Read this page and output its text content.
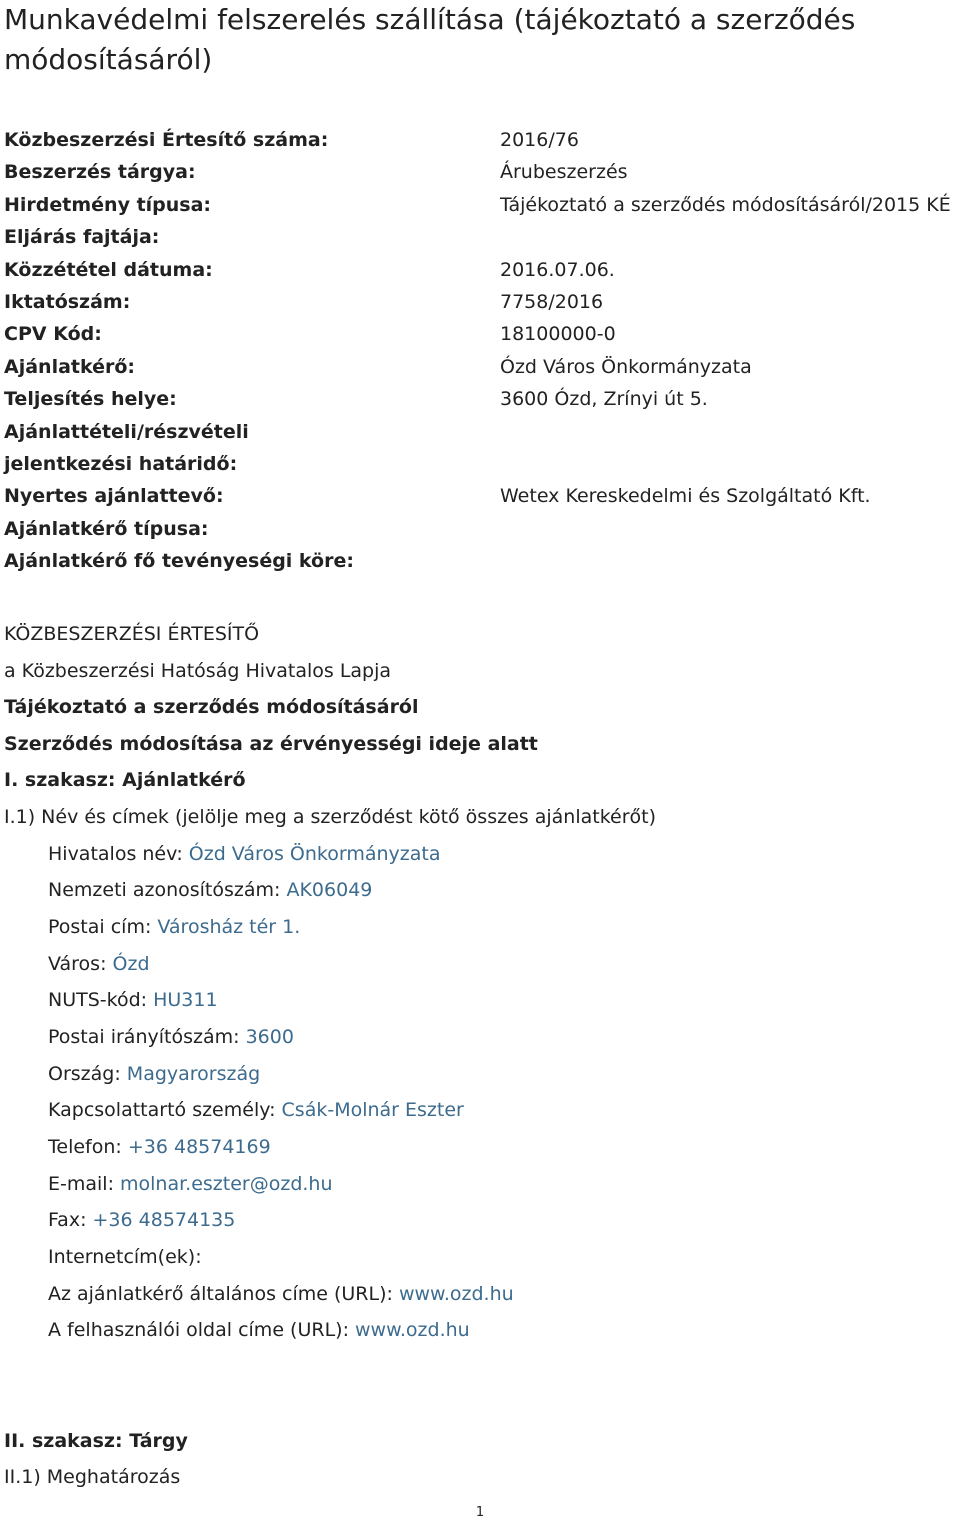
Munkavédelmi felszerelés szállítása (tájékoztató a szerződés módosításáról)
Közbeszerzési Értesítő száma:	2016/76
Beszerzés tárgya:	Árubeszerzés
Hirdetmény típusa:	Tájékoztató a szerződés módosításáról/2015 KÉ
Eljárás fajtája:
Közzététel dátuma:	2016.07.06.
Iktatószám:	7758/2016
CPV Kód:	18100000-0
Ajánlatkérő:	Ózd Város Önkormányzata
Teljesítés helye:	3600 Ózd, Zrínyi út 5.
Ajánlattételi/részvételi jelentkezési határidő:
Nyertes ajánlattevő:	Wetex Kereskedelmi és Szolgáltató Kft.
Ajánlatkérő típusa:
Ajánlatkérő fő tevényeségi köre:

KÖZBESZERZÉSI ÉRTESÍTŐ

a Közbeszerzési Hatóság Hivatalos Lapja

Tájékoztató a szerződés módosításáról

Szerződés módosítása az érvényességi ideje alatt

I. szakasz: Ajánlatkérő

I.1) Név és címek (jelölje meg a szerződést kötő összes ajánlatkérőt)

Hivatalos név: Ózd Város Önkormányzata
Nemzeti azonosítószám: AK06049
Postai cím: Városház tér 1.
Város: Ózd
NUTS-kód: HU311
Postai irányítószám: 3600
Ország: Magyarország
Kapcsolattartó személy: Csák-Molnár Eszter
Telefon: +36 48574169
E-mail: molnar.eszter@ozd.hu
Fax: +36 48574135
Internetcím(ek):
Az ajánlatkérő általános címe (URL): www.ozd.hu
A felhasználói oldal címe (URL): www.ozd.hu

II. szakasz: Tárgy

II.1) Meghatározás

1
